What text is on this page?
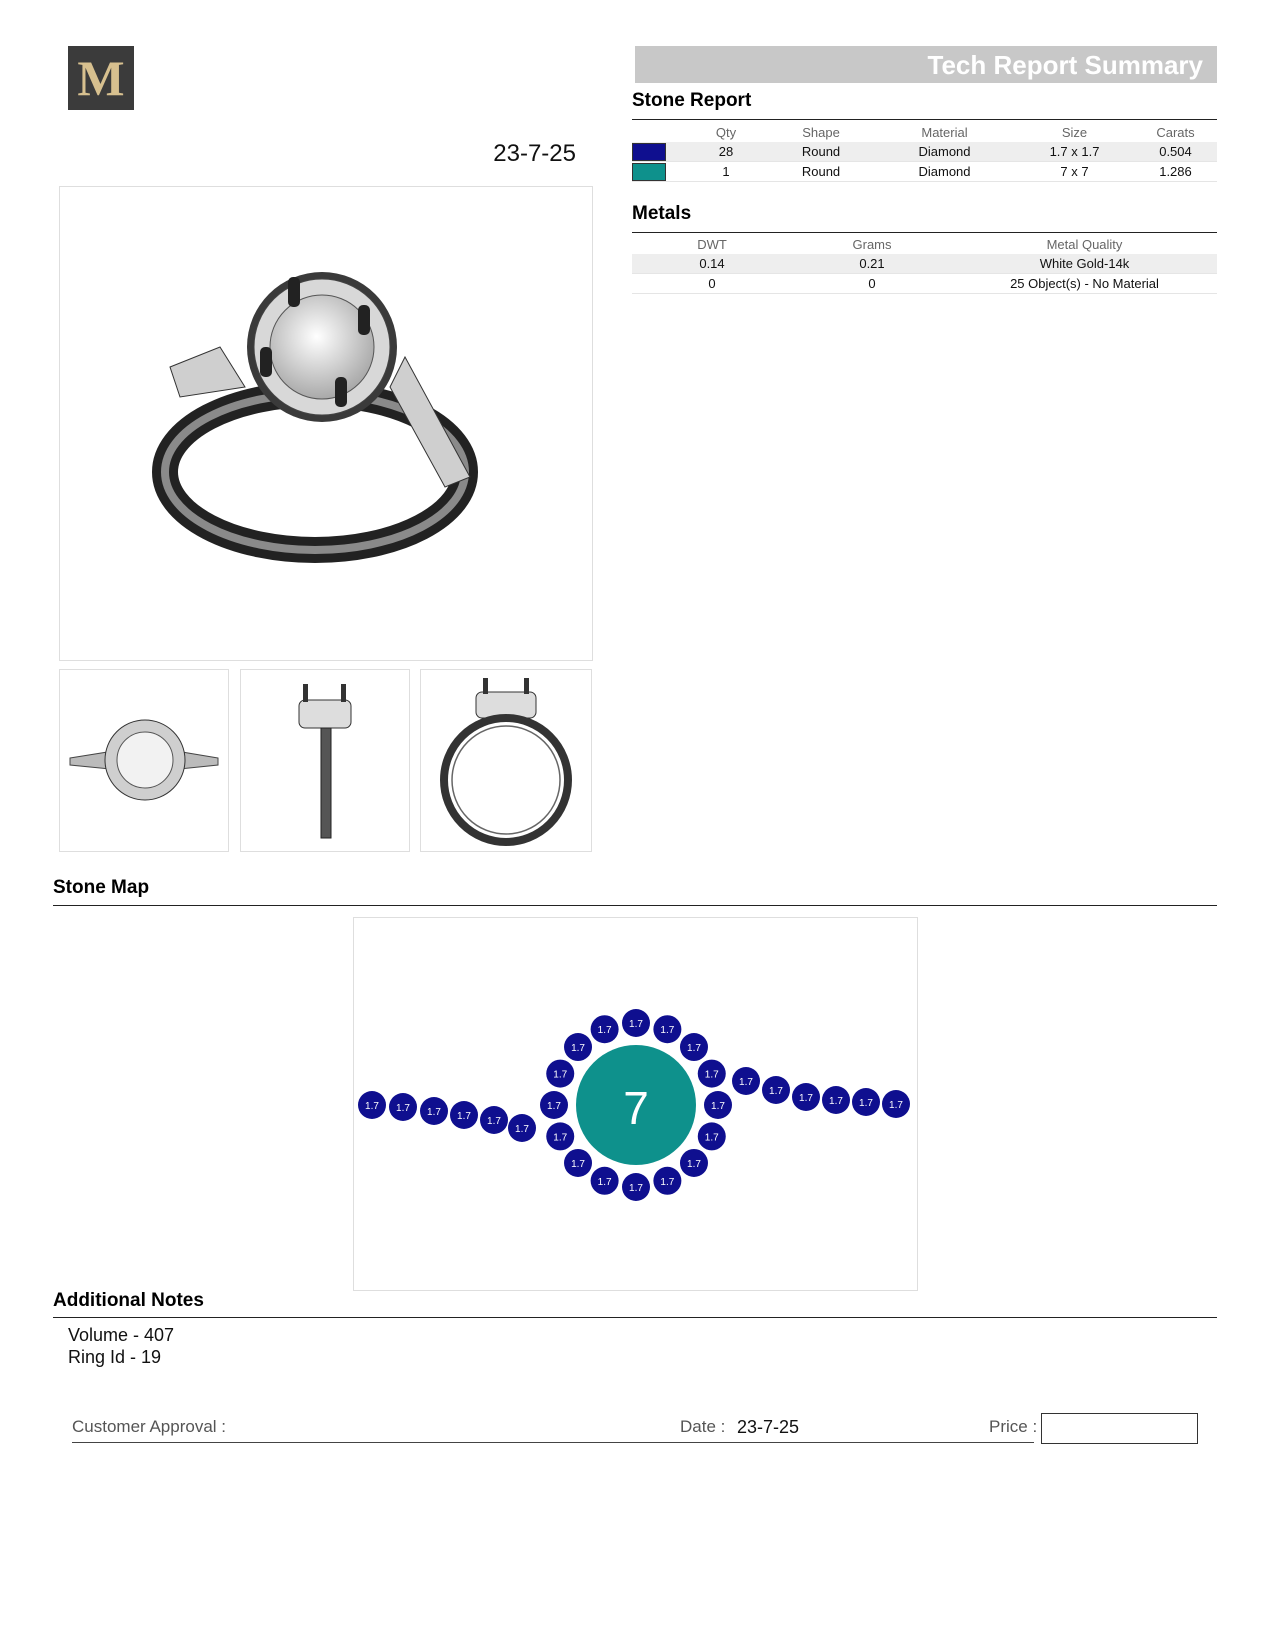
M
23-7-25
Tech Report Summary
Stone Report
	Qty	Shape	Material	Size	Carats
	28	Round	Diamond	1.7 x 1.7	0.504
	1	Round	Diamond	7 x 7	1.286
Metals
DWT	Grams	Metal Quality
0.14	0.21	White Gold-14k
0	0	25 Object(s) - No Material
Stone Map
7
1.7
1.7
1.7
1.7
1.7
1.7
1.7
1.7
1.7
1.7
1.7
1.7
1.7
1.7
1.7
1.7
1.7 1.7 1.7 1.7 1.7
1.7
1.7
1.7
1.7 1.7 1.7 1.7
Additional Notes
Volume - 407
Ring Id - 19
Customer Approval :	Date : 23-7-25	Price :
